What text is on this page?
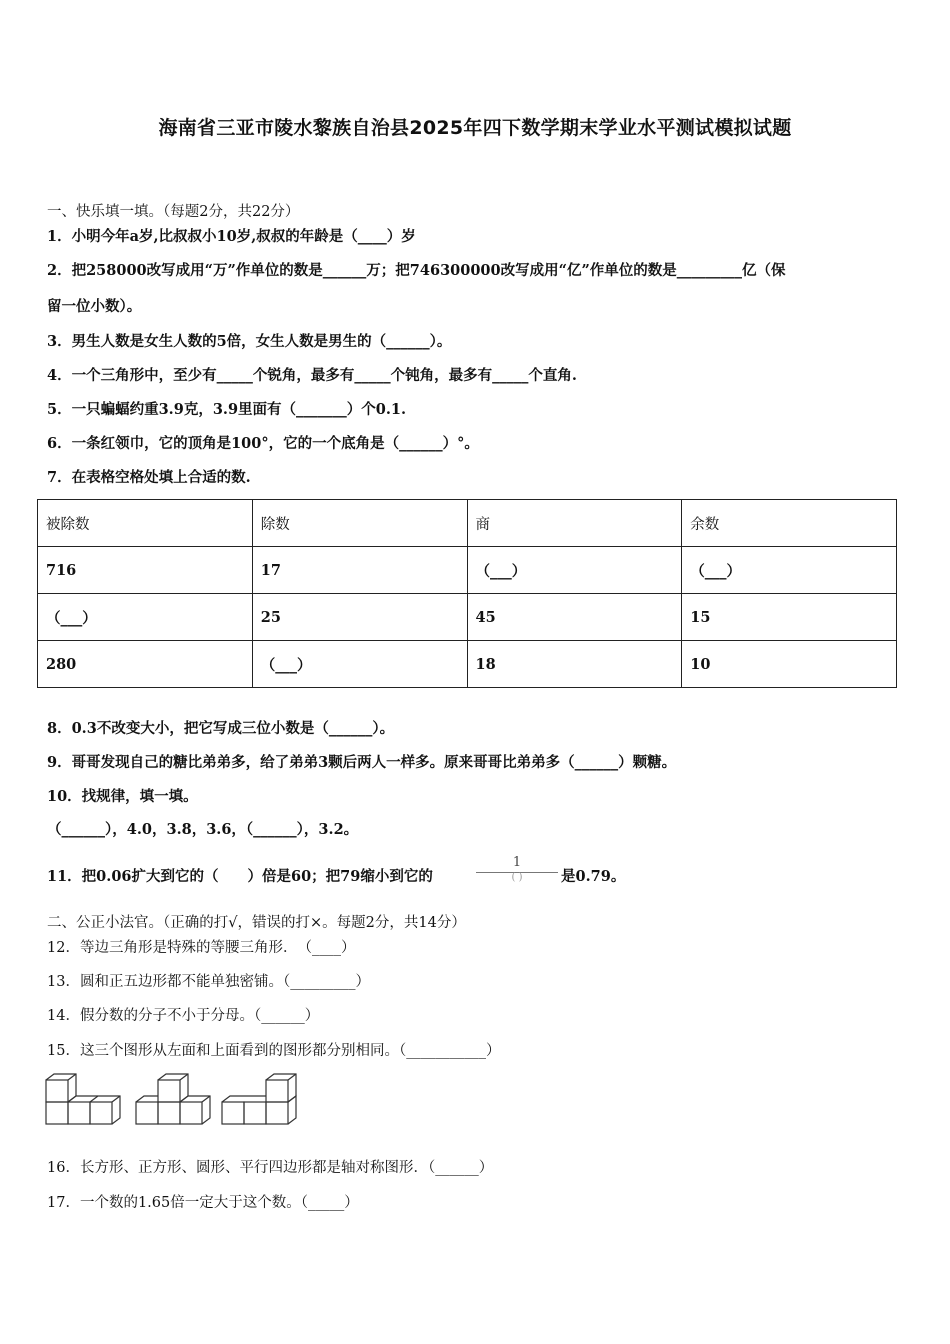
海南省三亚市陵水黎族自治县2025年四下数学期末学业水平测试模拟试题
一、快乐填一填。（每题2分，共22分）
1．小明今年a岁,比叔叔小10岁,叔叔的年龄是（____）岁
2．把258000改写成用“万”作单位的数是______万；把746300000改写成用“亿”作单位的数是_________亿（保
留一位小数）。
3．男生人数是女生人数的5倍，女生人数是男生的（______）。
4．一个三角形中，至少有_____个锐角，最多有_____个钝角，最多有_____个直角.
5．一只蝙蝠约重3.9克，3.9里面有（_______）个0.1.
6．一条红领巾，它的顶角是100°，它的一个底角是（______）°。
7．在表格空格处填上合适的数.
被除数	除数	商	余数
716	17	（___）	（___）
（___）	25	45	15
280	（___）	18	10
8．0.3不改变大小，把它写成三位小数是（______）。
9．哥哥发现自己的糖比弟弟多，给了弟弟3颗后两人一样多。原来哥哥比弟弟多（______）颗糖。
10．找规律，填一填。
（______），4.0，3.8，3.6，（______），3.2。
11．把0.06扩大到它的（　　）倍是60；把79缩小到它的
1
( )	是0.79。
二、公正小法官。（正确的打√，错误的打×。每题2分，共14分）
12．等边三角形是特殊的等腰三角形．　（____）
13．圆和正五边形都不能单独密铺。（_________）
14．假分数的分子不小于分母。（______）
15．这三个图形从左面和上面看到的图形都分别相同。（___________）
16．长方形、正方形、圆形、平行四边形都是轴对称图形．（______）
17．一个数的1.65倍一定大于这个数。（_____）
